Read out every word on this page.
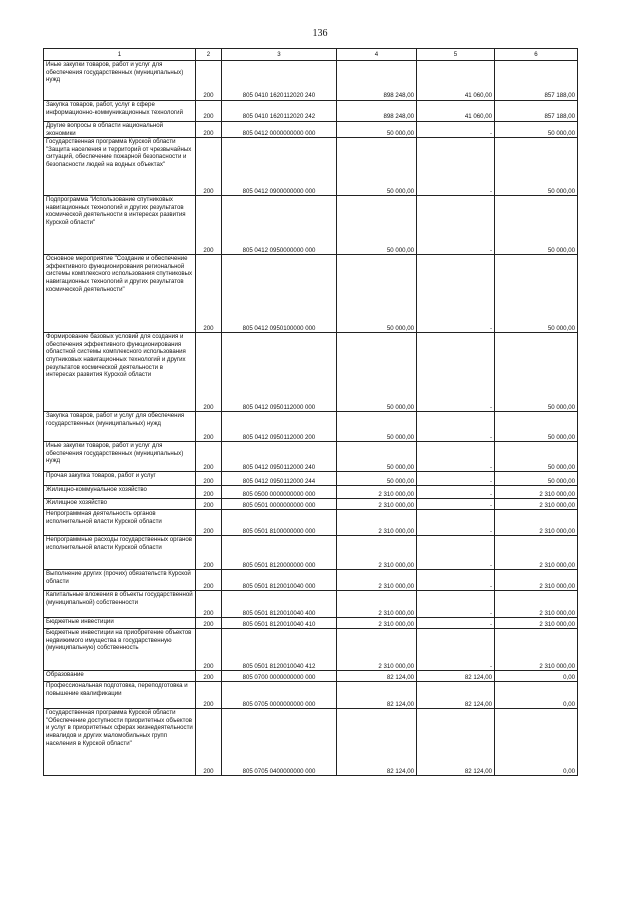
136
1	2	3	4	5	6
Иные закупки товаров, работ и услуг для обеспечения государственных (муниципальных) нужд	200	805 0410 1620112020 240	898 248,00	41 060,00	857 188,00
Закупка товаров, работ, услуг в сфере информационно-коммуникационных технологий	200	805 0410 1620112020 242	898 248,00	41 060,00	857 188,00
Другие вопросы в области национальной экономики	200	805 0412 0000000000 000	50 000,00	-	50 000,00
Государственная программа Курской области "Защита населения и территорий от чрезвычайных ситуаций, обеспечение пожарной безопасности и безопасности людей на водных объектах"	200	805 0412 0900000000 000	50 000,00	-	50 000,00
Подпрограмма "Использование спутниковых навигационных технологий и других результатов космической деятельности в интересах развития Курской области"	200	805 0412 0950000000 000	50 000,00	-	50 000,00
Основное мероприятие "Создание и обеспечение эффективного функционирования региональной системы комплексного использования спутниковых навигационных технологий и других результатов космической деятельности"	200	805 0412 0950100000 000	50 000,00	-	50 000,00
Формирование базовых условий для создания и обеспечения эффективного функционирования областной системы комплексного использования спутниковых навигационных технологий и других результатов космической деятельности в интересах развития Курской области	200	805 0412 0950112000 000	50 000,00	-	50 000,00
Закупка товаров, работ и услуг для обеспечения государственных (муниципальных) нужд	200	805 0412 0950112000 200	50 000,00	-	50 000,00
Иные закупки товаров, работ и услуг для обеспечения государственных (муниципальных) нужд	200	805 0412 0950112000 240	50 000,00	-	50 000,00
Прочая закупка товаров, работ и услуг	200	805 0412 0950112000 244	50 000,00	-	50 000,00
Жилищно-коммунальное хозяйство	200	805 0500 0000000000 000	2 310 000,00	-	2 310 000,00
Жилищное хозяйство	200	805 0501 0000000000 000	2 310 000,00	-	2 310 000,00
Непрограммная деятельность органов исполнительной власти Курской области	200	805 0501 8100000000 000	2 310 000,00	-	2 310 000,00
Непрограммные расходы государственных органов исполнительной власти Курской области	200	805 0501 8120000000 000	2 310 000,00	-	2 310 000,00
Выполнение других (прочих) обязательств Курской области	200	805 0501 8120010040 000	2 310 000,00	-	2 310 000,00
Капитальные вложения в объекты государственной (муниципальной) собственности	200	805 0501 8120010040 400	2 310 000,00	-	2 310 000,00
Бюджетные инвестиции	200	805 0501 8120010040 410	2 310 000,00	-	2 310 000,00
Бюджетные инвестиции на приобретение объектов недвижимого имущества в государственную (муниципальную) собственность	200	805 0501 8120010040 412	2 310 000,00	-	2 310 000,00
Образование	200	805 0700 0000000000 000	82 124,00	82 124,00	0,00
Профессиональная подготовка, переподготовка и повышение квалификации	200	805 0705 0000000000 000	82 124,00	82 124,00	0,00
Государственная программа Курской области "Обеспечение доступности приоритетных объектов и услуг в приоритетных сферах жизнедеятельности инвалидов и других маломобильных групп населения в Курской области"	200	805 0705 0400000000 000	82 124,00	82 124,00	0,00
